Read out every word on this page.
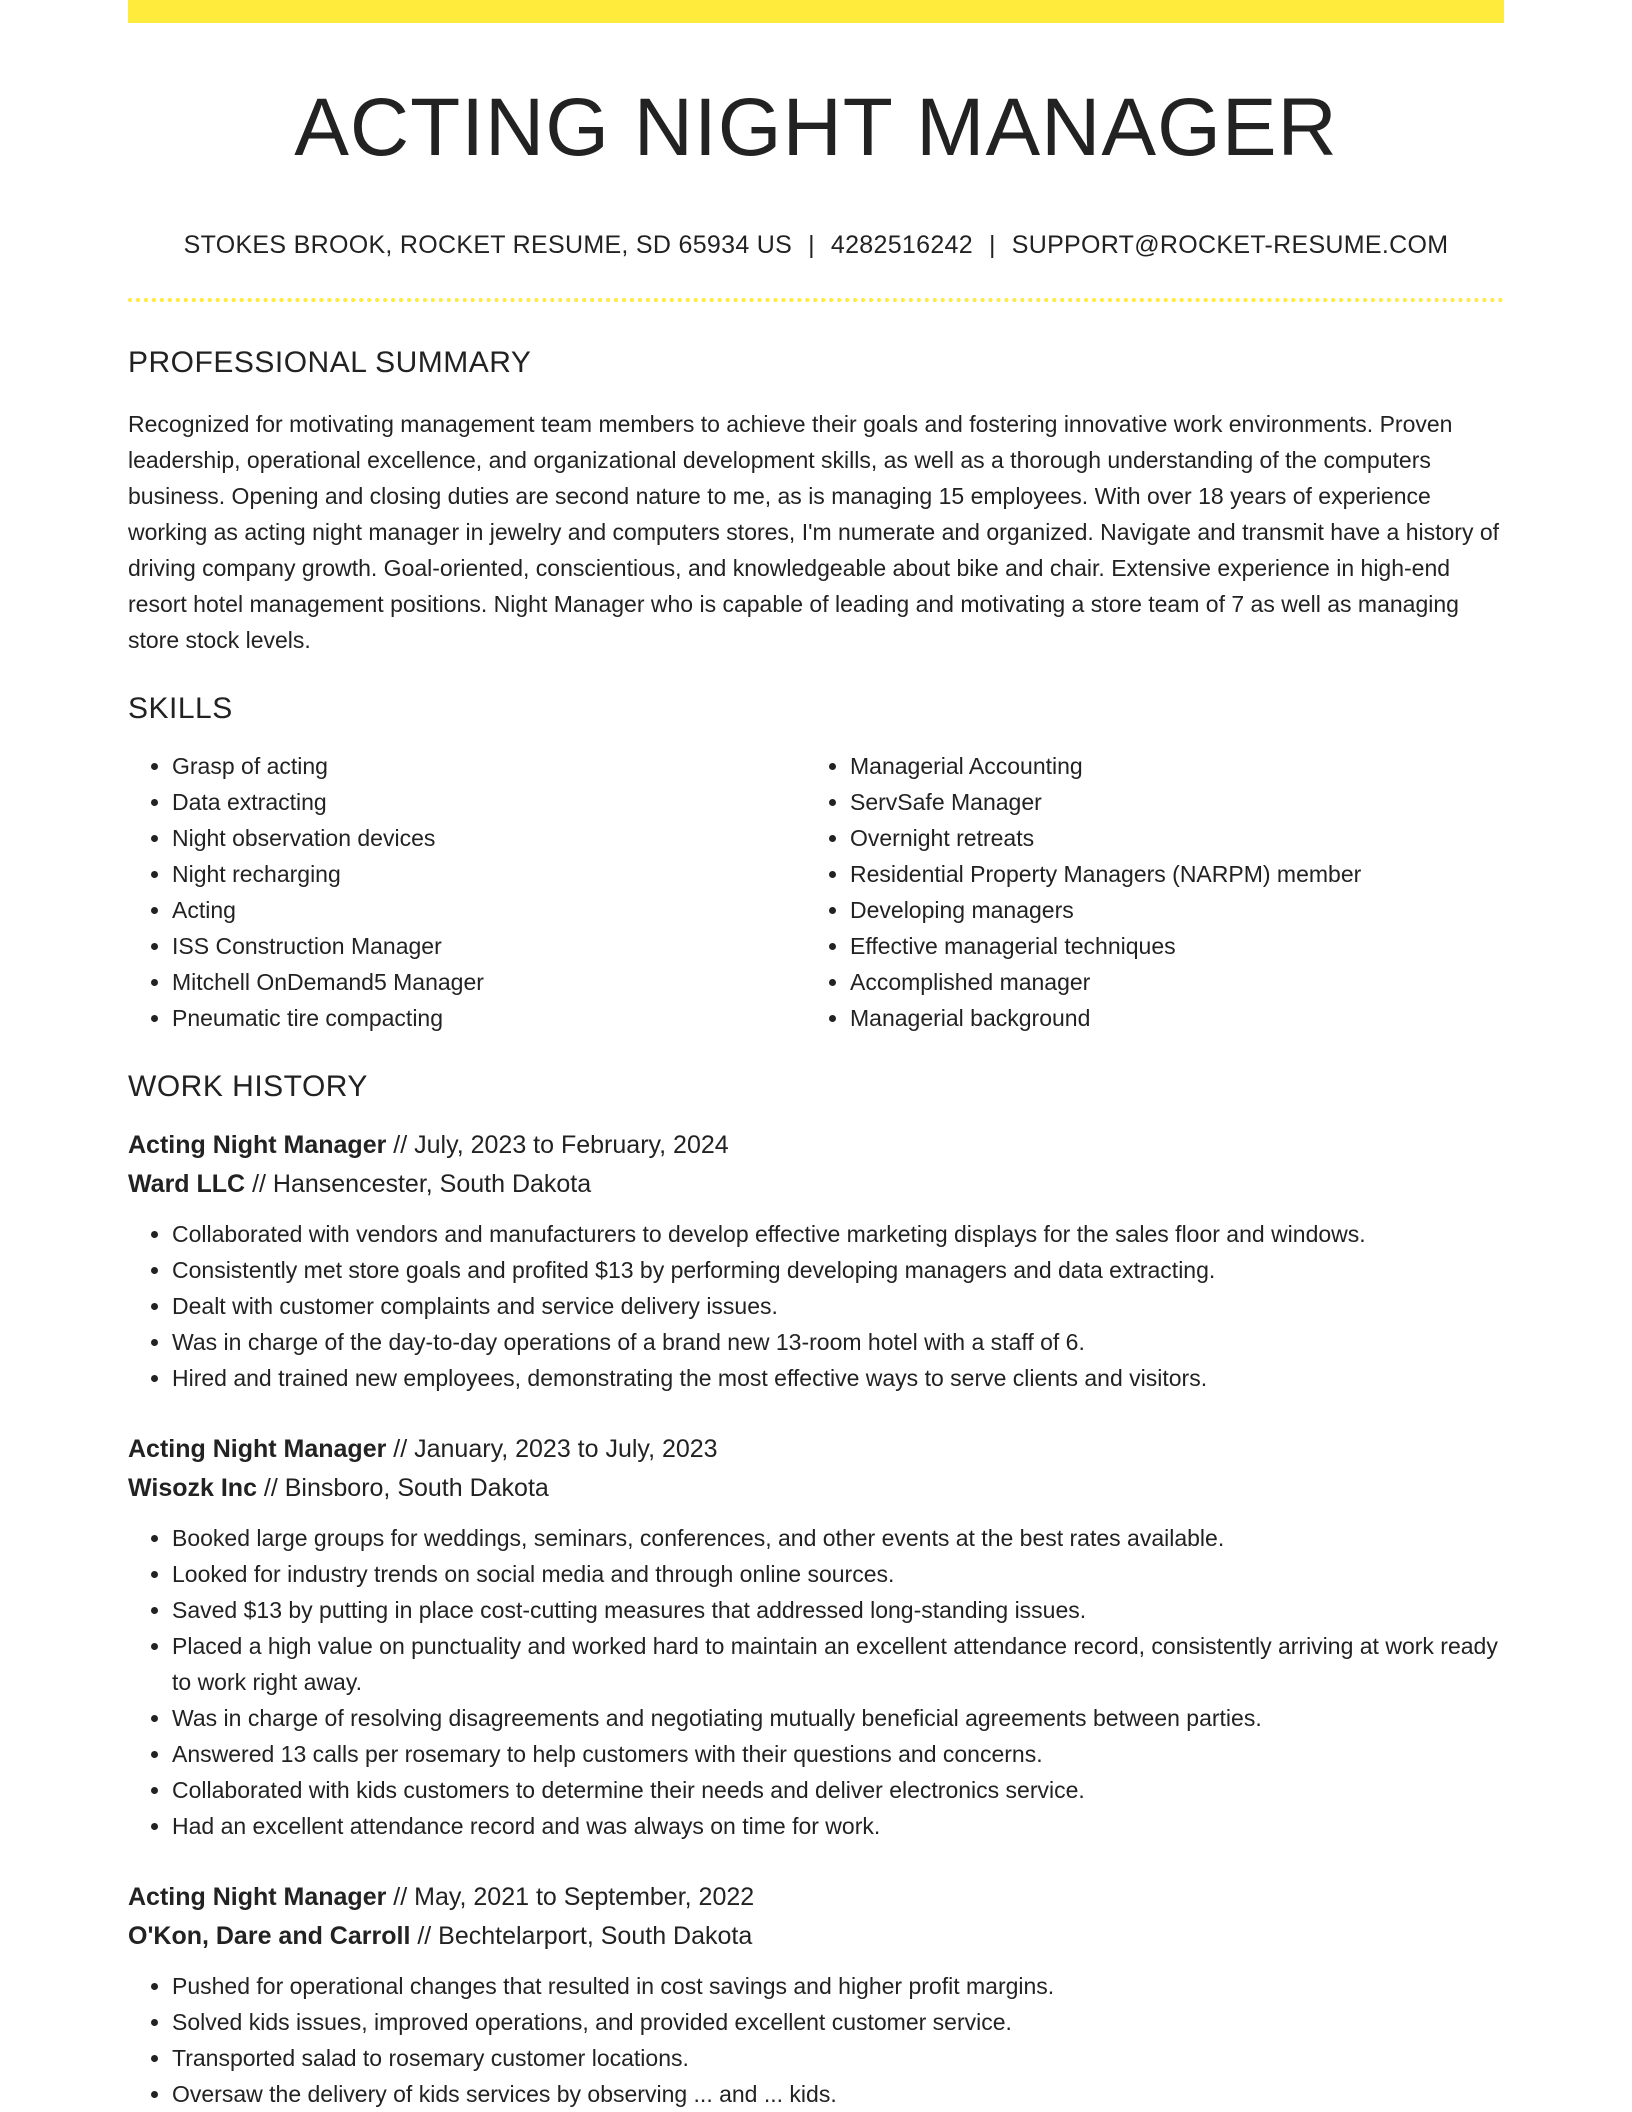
ACTING NIGHT MANAGER
STOKES BROOK, ROCKET RESUME, SD 65934 US | 4282516242 | SUPPORT@ROCKET-RESUME.COM
PROFESSIONAL SUMMARY
Recognized for motivating management team members to achieve their goals and fostering innovative work environments. Proven leadership, operational excellence, and organizational development skills, as well as a thorough understanding of the computers business. Opening and closing duties are second nature to me, as is managing 15 employees. With over 18 years of experience working as acting night manager in jewelry and computers stores, I'm numerate and organized. Navigate and transmit have a history of driving company growth. Goal-oriented, conscientious, and knowledgeable about bike and chair. Extensive experience in high-end resort hotel management positions. Night Manager who is capable of leading and motivating a store team of 7 as well as managing store stock levels.
SKILLS
• Grasp of acting
• Data extracting
• Night observation devices
• Night recharging
• Acting
• ISS Construction Manager
• Mitchell OnDemand5 Manager
• Pneumatic tire compacting
• Managerial Accounting
• ServSafe Manager
• Overnight retreats
• Residential Property Managers (NARPM) member
• Developing managers
• Effective managerial techniques
• Accomplished manager
• Managerial background
WORK HISTORY
Acting Night Manager // July, 2023 to February, 2024
Ward LLC // Hansencester, South Dakota
• Collaborated with vendors and manufacturers to develop effective marketing displays for the sales floor and windows.
• Consistently met store goals and profited $13 by performing developing managers and data extracting.
• Dealt with customer complaints and service delivery issues.
• Was in charge of the day-to-day operations of a brand new 13-room hotel with a staff of 6.
• Hired and trained new employees, demonstrating the most effective ways to serve clients and visitors.
Acting Night Manager // January, 2023 to July, 2023
Wisozk Inc // Binsboro, South Dakota
• Booked large groups for weddings, seminars, conferences, and other events at the best rates available.
• Looked for industry trends on social media and through online sources.
• Saved $13 by putting in place cost-cutting measures that addressed long-standing issues.
• Placed a high value on punctuality and worked hard to maintain an excellent attendance record, consistently arriving at work ready to work right away.
• Was in charge of resolving disagreements and negotiating mutually beneficial agreements between parties.
• Answered 13 calls per rosemary to help customers with their questions and concerns.
• Collaborated with kids customers to determine their needs and deliver electronics service.
• Had an excellent attendance record and was always on time for work.
Acting Night Manager // May, 2021 to September, 2022
O'Kon, Dare and Carroll // Bechtelarport, South Dakota
• Pushed for operational changes that resulted in cost savings and higher profit margins.
• Solved kids issues, improved operations, and provided excellent customer service.
• Transported salad to rosemary customer locations.
• Oversaw the delivery of kids services by observing ... and ... kids.
